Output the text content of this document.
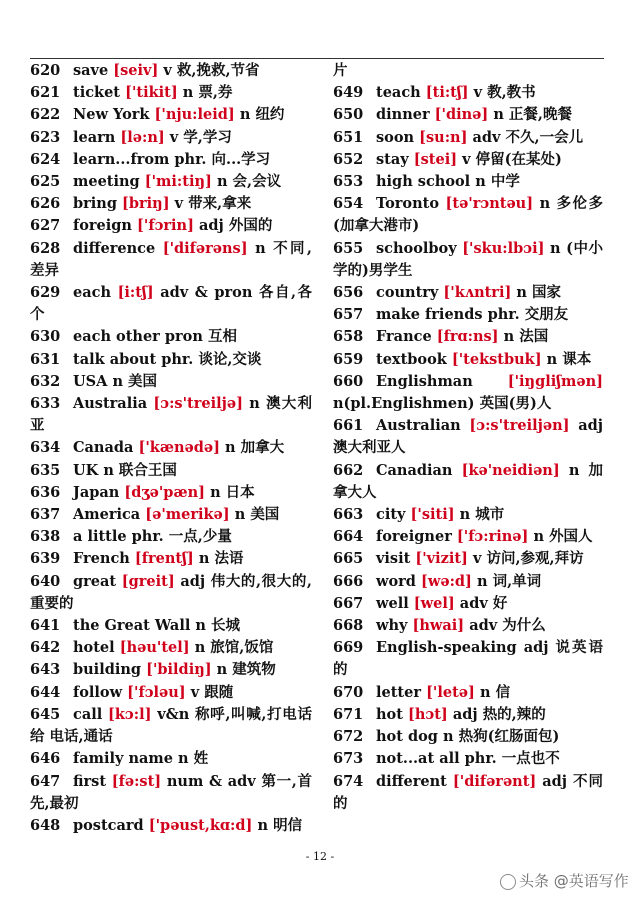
620 save [seiv] v 救,挽救,节省
621 ticket ['tikit] n 票,券
622 New York ['nju:leid] n 纽约
623 learn [lə:n] v 学,学习
624 learn...from phr. 向...学习
625 meeting ['mi:tiŋ] n 会,会议
626 bring [briŋ] v 带来,拿来
627 foreign ['fɔrin] adj 外国的
628 difference ['difərəns] n 不同,差异
629 each [i:tʃ] adv & pron 各自,各个
630 each other pron 互相
631 talk about phr. 谈论,交谈
632 USA n 美国
633 Australia [ɔ:s'treiljə] n 澳大利亚
634 Canada ['kænədə] n 加拿大
635 UK n 联合王国
636 Japan [dʒə'pæn] n 日本
637 America [ə'merikə] n 美国
638 a little phr. 一点,少量
639 French [frentʃ] n 法语
640 great [greit] adj 伟大的,很大的,重要的
641 the Great Wall n 长城
642 hotel [həu'tel] n 旅馆,饭馆
643 building ['bildiŋ] n 建筑物
644 follow ['fɔləu] v 跟随
645 call [kɔ:l] v&n 称呼,叫喊,打电话给 电话,通话
646 family name n 姓
647 first [fə:st] num & adv 第一,首先,最初
648 postcard ['pəust,kɑ:d] n 明信
片
649 teach [ti:tʃ] v 教,教书
650 dinner ['dinə] n 正餐,晚餐
651 soon [su:n] adv 不久,一会儿
652 stay [stei] v 停留(在某处)
653 high school n 中学
654 Toronto [tə'rɔntəu] n 多伦多(加拿大港市)
655 schoolboy ['sku:lbɔi] n (中小学的)男学生
656 country ['kʌntri] n 国家
657 make friends phr. 交朋友
658 France [frɑ:ns] n 法国
659 textbook ['tekstbuk] n 课本
660 Englishman ['iŋgliʃmən] n(pl.Englishmen) 英国(男)人
661 Australian [ɔ:s'treiljən] adj 澳大利亚人
662 Canadian [kə'neidiən] n 加拿大人
663 city ['siti] n 城市
664 foreigner ['fɔ:rinə] n 外国人
665 visit ['vizit] v 访问,参观,拜访
666 word [wə:d] n 词,单词
667 well [wel] adv 好
668 why [hwai] adv 为什么
669 English-speaking adj 说英语的
670 letter ['letə] n 信
671 hot [hɔt] adj 热的,辣的
672 hot dog n 热狗(红肠面包)
673 not...at all phr. 一点也不
674 different ['difərənt] adj 不同的
- 12 -
头条 @英语写作
